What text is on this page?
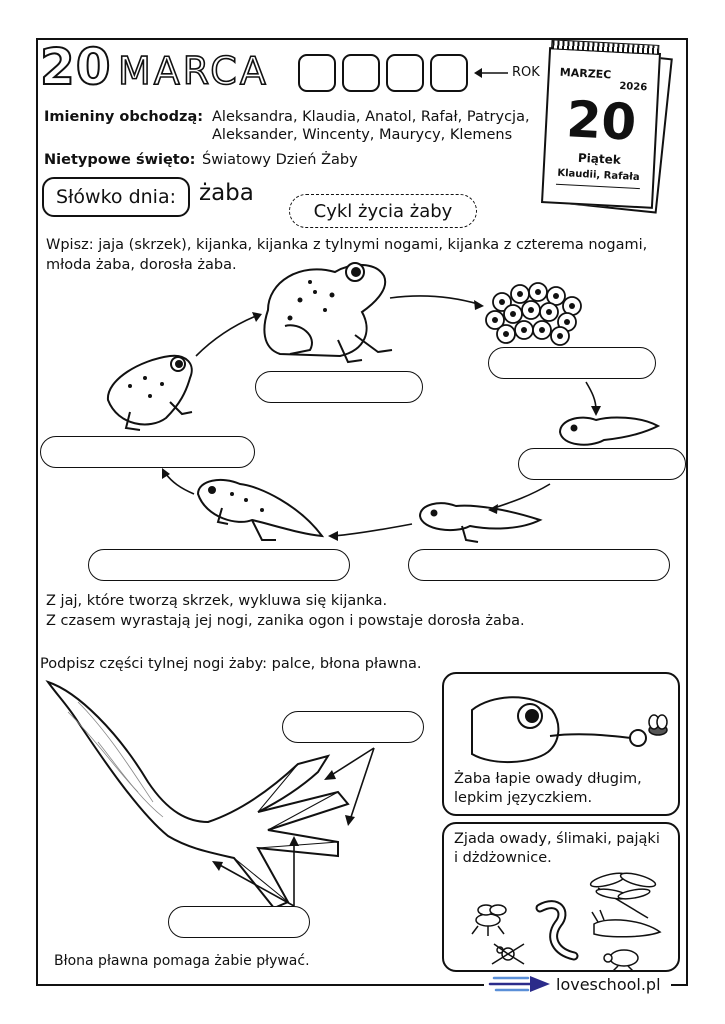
20 MARCA	ROK MARZEC
2026
20
Piątek
Klaudii, Rafała
Imieniny obchodzą: Aleksandra, Klaudia, Anatol, Rafał, Patrycja,
Aleksander, Wincenty, Maurycy, Klemens
Nietypowe święto: Światowy Dzień Żaby
Słówko dnia: żaba
Cykl życia żaby
Wpisz: jaja (skrzek), kijanka, kijanka z tylnymi nogami, kijanka z czterema nogami,
młoda żaba, dorosła żaba.
Z jaj, które tworzą skrzek, wykluwa się kijanka.
Z czasem wyrastają jej nogi, zanika ogon i powstaje dorosła żaba.
Podpisz części tylnej nogi żaby: palce, błona pławna.
Błona pławna pomaga żabie pływać.
Żaba łapie owady długim,
lepkim języczkiem.
Zjada owady, ślimaki, pająki
i dżdżownice.
loveschool.pl
